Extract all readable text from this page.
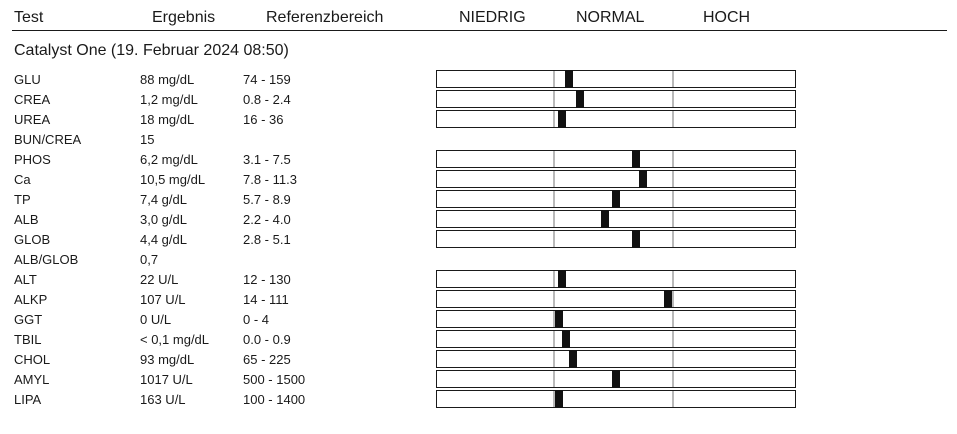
Test	Ergebnis	Referenzbereich	NIEDRIG	NORMAL	HOCH
Catalyst One (19. Februar 2024 08:50)
GLU	88 mg/dL	74 - 159
CREA	1,2 mg/dL	0.8 - 2.4
UREA	18 mg/dL	16 - 36
BUN/CREA	15
PHOS	6,2 mg/dL	3.1 - 7.5
Ca	10,5 mg/dL	7.8 - 11.3
TP	7,4 g/dL	5.7 - 8.9
ALB	3,0 g/dL	2.2 - 4.0
GLOB	4,4 g/dL	2.8 - 5.1
ALB/GLOB	0,7
ALT	22 U/L	12 - 130
ALKP	107 U/L	14 - 111
GGT	0 U/L	0 - 4
TBIL	< 0,1 mg/dL	0.0 - 0.9
CHOL	93 mg/dL	65 - 225
AMYL	1017 U/L	500 - 1500
LIPA	163 U/L	100 - 1400
